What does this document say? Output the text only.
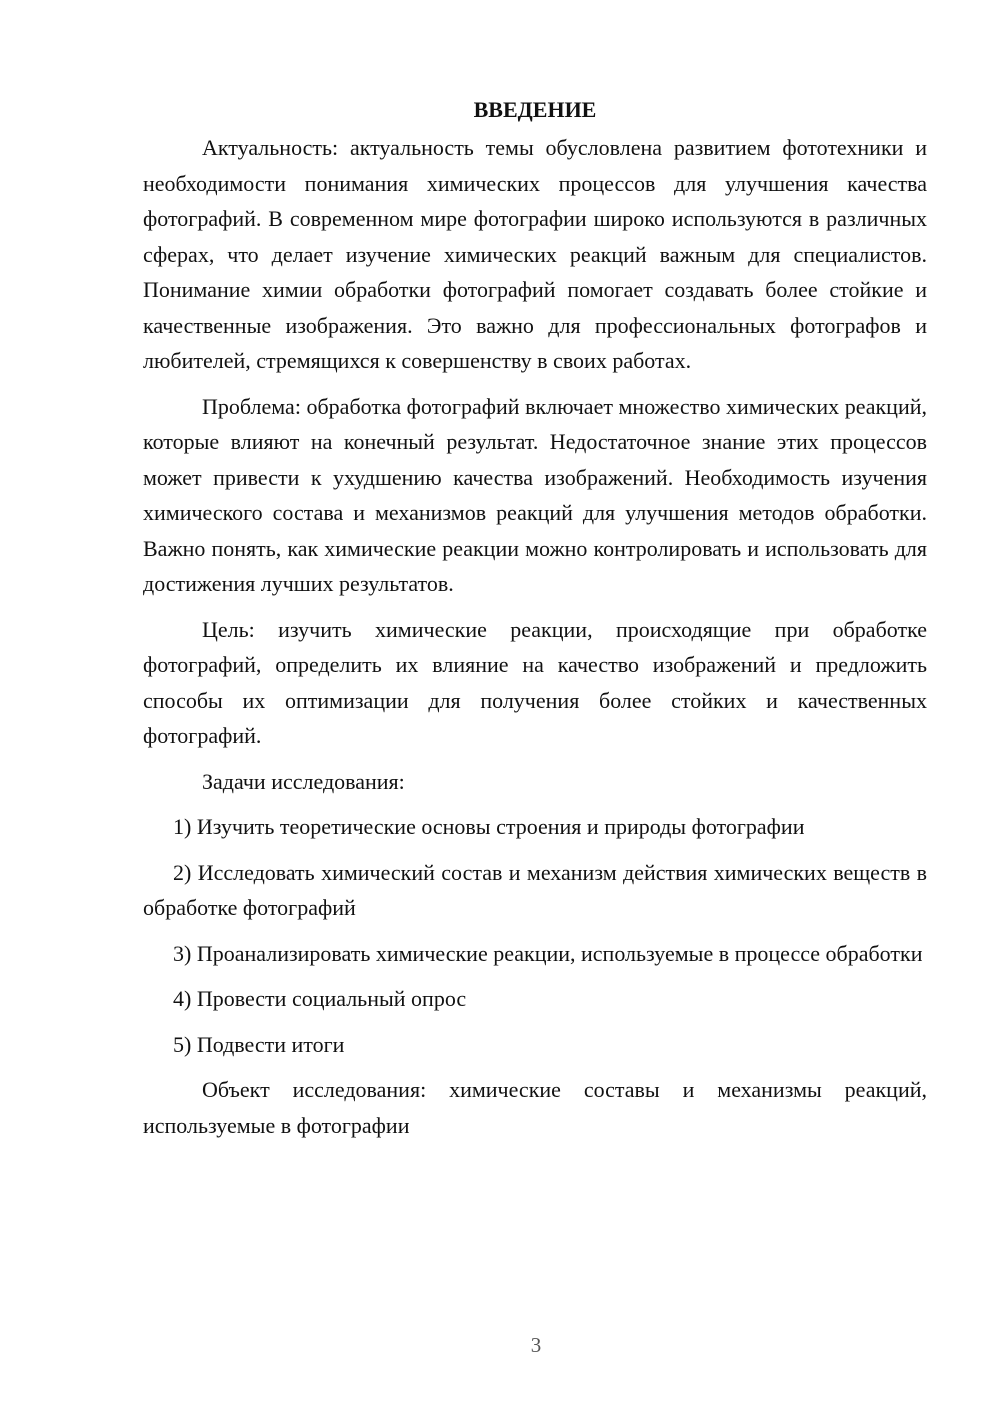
ВВЕДЕНИЕ

Актуальность: актуальность темы обусловлена развитием фототехники и необходимости понимания химических процессов для улучшения качества фотографий. В современном мире фотографии широко используются в различных сферах, что делает изучение химических реакций важным для специалистов. Понимание химии обработки фотографий помогает создавать более стойкие и качественные изображения. Это важно для профессиональных фотографов и любителей, стремящихся к совершенству в своих работах.

Проблема: обработка фотографий включает множество химических реакций, которые влияют на конечный результат. Недостаточное знание этих процессов может привести к ухудшению качества изображений. Необходимость изучения химического состава и механизмов реакций для улучшения методов обработки. Важно понять, как химические реакции можно контролировать и использовать для достижения лучших результатов.

Цель: изучить химические реакции, происходящие при обработке фотографий, определить их влияние на качество изображений и предложить способы их оптимизации для получения более стойких и качественных фотографий.

Задачи исследования:

1) Изучить теоретические основы строения и природы фотографии

2) Исследовать химический состав и механизм действия химических веществ в обработке фотографий

3) Проанализировать химические реакции, используемые в процессе обработки

4) Провести социальный опрос

5) Подвести итоги

Объект исследования: химические составы и механизмы реакций, используемые в фотографии

3
